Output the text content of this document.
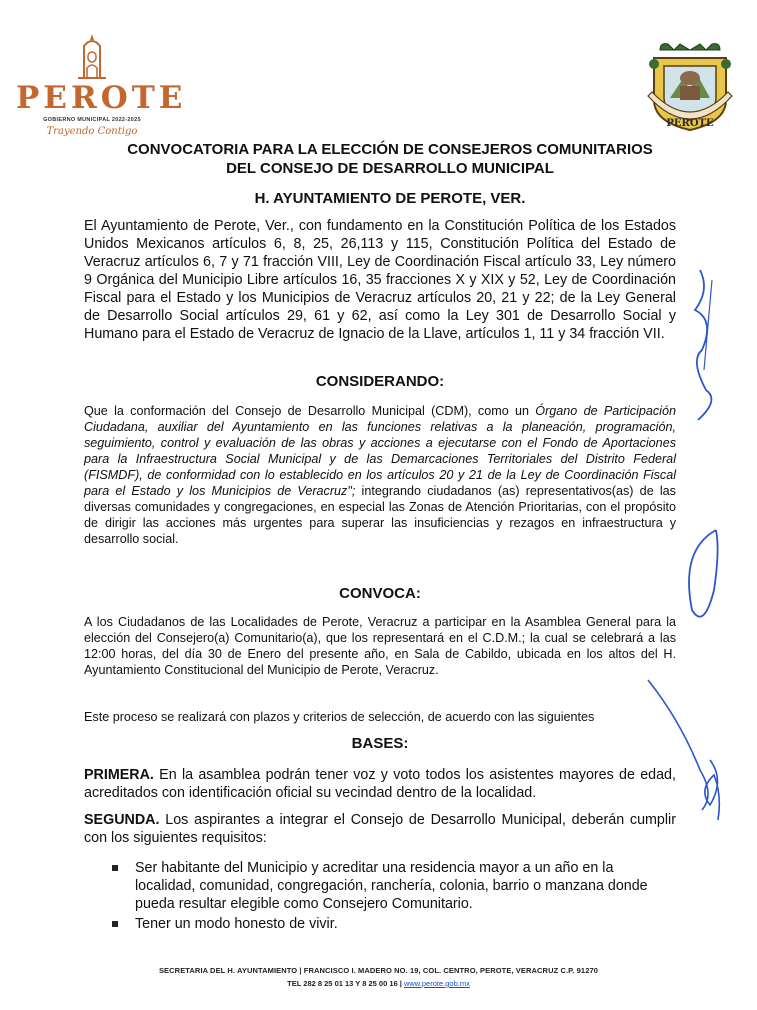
PEROTE
GOBIERNO MUNICIPAL 2022-2025
Trayendo Contigo
PEROTE
CONVOCATORIA PARA LA ELECCIÓN DE CONSEJEROS COMUNITARIOS
DEL CONSEJO DE DESARROLLO MUNICIPAL
H. AYUNTAMIENTO DE PEROTE, VER.
El Ayuntamiento de Perote, Ver., con fundamento en la Constitución Política de los Estados Unidos Mexicanos artículos 6, 8, 25, 26,113 y 115, Constitución Política del Estado de Veracruz artículos 6, 7 y 71 fracción VIII, Ley de Coordinación Fiscal artículo 33, Ley número 9 Orgánica del Municipio Libre artículos 16, 35 fracciones X y XIX y 52, Ley de Coordinación Fiscal para el Estado y los Municipios de Veracruz artículos 20, 21 y 22; de la Ley General de Desarrollo Social artículos 29, 61 y 62, así como la Ley 301 de Desarrollo Social y Humano para el Estado de Veracruz de Ignacio de la Llave, artículos 1, 11 y 34 fracción VII.
CONSIDERANDO:
Que la conformación del Consejo de Desarrollo Municipal (CDM), como un Órgano de Participación Ciudadana, auxiliar del Ayuntamiento en las funciones relativas a la planeación, programación, seguimiento, control y evaluación de las obras y acciones a ejecutarse con el Fondo de Aportaciones para la Infraestructura Social Municipal y de las Demarcaciones Territoriales del Distrito Federal (FISMDF), de conformidad con lo establecido en los artículos 20 y 21 de la Ley de Coordinación Fiscal para el Estado y los Municipios de Veracruz"; integrando ciudadanos (as) representativos(as) de las diversas comunidades y congregaciones, en especial las Zonas de Atención Prioritarias, con el propósito de dirigir las acciones más urgentes para superar las insuficiencias y rezagos en infraestructura y desarrollo social.
CONVOCA:
A los Ciudadanos de las Localidades de Perote, Veracruz a participar en la Asamblea General para la elección del Consejero(a) Comunitario(a), que los representará en el C.D.M.; la cual se celebrará a las 12:00 horas, del día 30 de Enero del presente año, en Sala de Cabildo, ubicada en los altos del H. Ayuntamiento Constitucional del Municipio de Perote, Veracruz.
Este proceso se realizará con plazos y criterios de selección, de acuerdo con las siguientes
BASES:
PRIMERA. En la asamblea podrán tener voz y voto todos los asistentes mayores de edad, acreditados con identificación oficial su vecindad dentro de la localidad.
SEGUNDA. Los aspirantes a integrar el Consejo de Desarrollo Municipal, deberán cumplir con los siguientes requisitos:
Ser habitante del Municipio y acreditar una residencia mayor a un año en la localidad, comunidad, congregación, ranchería, colonia, barrio o manzana donde pueda resultar elegible como Consejero Comunitario.
Tener un modo honesto de vivir.
SECRETARIA DEL H. AYUNTAMIENTO | FRANCISCO I. MADERO NO. 19, COL. CENTRO, PEROTE, VERACRUZ C.P. 91270
TEL 282 8 25 01 13 Y 8 25 00 16 | www.perote.gob.mx
